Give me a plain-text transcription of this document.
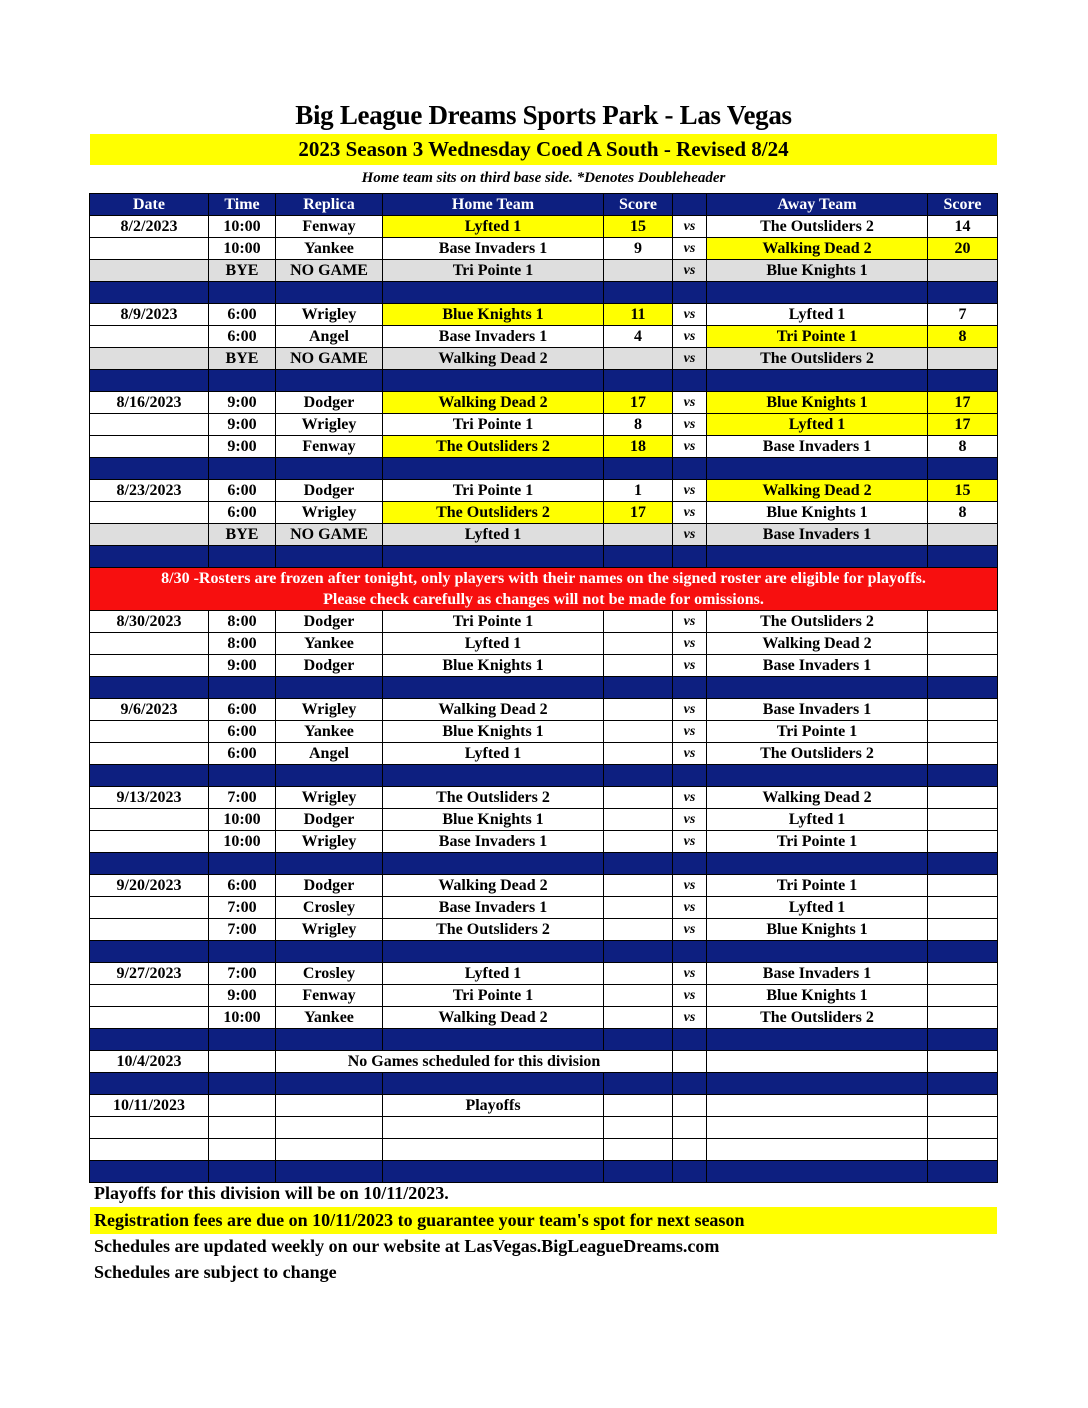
Big League Dreams Sports Park - Las Vegas
2023 Season 3 Wednesday Coed A South - Revised 8/24
Home team sits on third base side. *Denotes Doubleheader
Date	Time	Replica	Home Team	Score		Away Team	Score
8/2/2023	10:00	Fenway	Lyfted 1	15	vs	The Outsliders 2	14
	10:00	Yankee	Base Invaders 1	9	vs	Walking Dead 2	20
	BYE	NO GAME	Tri Pointe 1		vs	Blue Knights 1	

8/9/2023	6:00	Wrigley	Blue Knights 1	11	vs	Lyfted 1	7
	6:00	Angel	Base Invaders 1	4	vs	Tri Pointe 1	8
	BYE	NO GAME	Walking Dead 2		vs	The Outsliders 2	

8/16/2023	9:00	Dodger	Walking Dead 2	17	vs	Blue Knights 1	17
	9:00	Wrigley	Tri Pointe 1	8	vs	Lyfted 1	17
	9:00	Fenway	The Outsliders 2	18	vs	Base Invaders 1	8

8/23/2023	6:00	Dodger	Tri Pointe 1	1	vs	Walking Dead 2	15
	6:00	Wrigley	The Outsliders 2	17	vs	Blue Knights 1	8
	BYE	NO GAME	Lyfted 1		vs	Base Invaders 1	

8/30 -Rosters are frozen after tonight, only players with their names on the signed roster are eligible for playoffs.
Please check carefully as changes will not be made for omissions.							

8/30/2023	8:00	Dodger	Tri Pointe 1		vs	The Outsliders 2	
	8:00	Yankee	Lyfted 1		vs	Walking Dead 2	
	9:00	Dodger	Blue Knights 1		vs	Base Invaders 1	

9/6/2023	6:00	Wrigley	Walking Dead 2		vs	Base Invaders 1	
	6:00	Yankee	Blue Knights 1		vs	Tri Pointe 1	
	6:00	Angel	Lyfted 1		vs	The Outsliders 2	

9/13/2023	7:00	Wrigley	The Outsliders 2		vs	Walking Dead 2	
	10:00	Dodger	Blue Knights 1		vs	Lyfted 1	
	10:00	Wrigley	Base Invaders 1		vs	Tri Pointe 1	

9/20/2023	6:00	Dodger	Walking Dead 2		vs	Tri Pointe 1	
	7:00	Crosley	Base Invaders 1		vs	Lyfted 1	
	7:00	Wrigley	The Outsliders 2		vs	Blue Knights 1	

9/27/2023	7:00	Crosley	Lyfted 1		vs	Base Invaders 1	
	9:00	Fenway	Tri Pointe 1		vs	Blue Knights 1	
	10:00	Yankee	Walking Dead 2		vs	The Outsliders 2	

10/4/2023		No Games scheduled for this division					

10/11/2023			Playoffs				

Playoffs for this division will be on 10/11/2023.
Registration fees are due on 10/11/2023 to guarantee your team's spot for next season
Schedules are updated weekly on our website at LasVegas.BigLeagueDreams.com
Schedules are subject to change
